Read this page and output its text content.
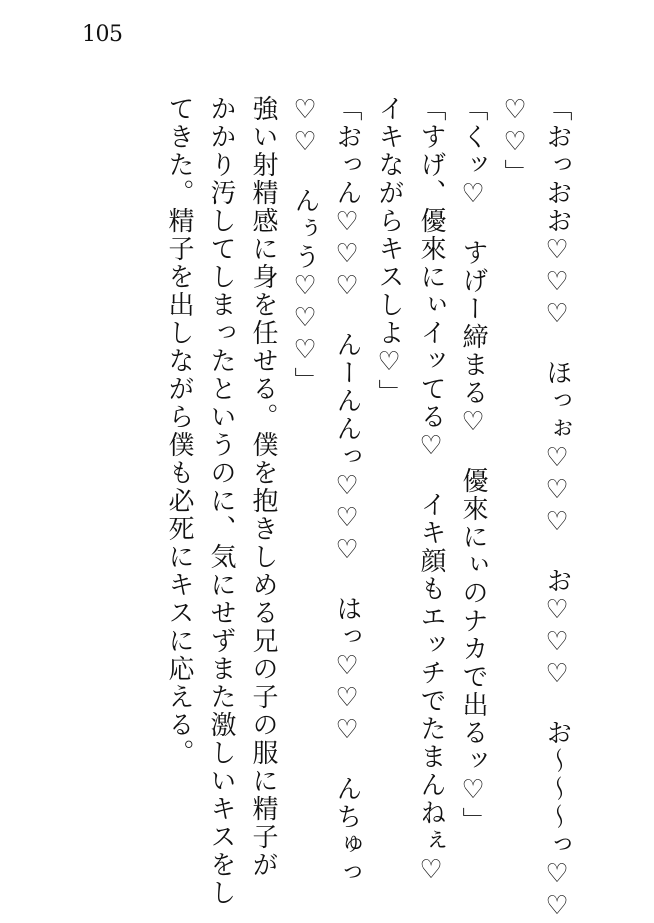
105
「おっおお♡♡♡　ほっぉ♡♡♡　お♡♡♡　お～～～っ♡♡
♡♡」
「くッ♡　すげー締まる♡　優來にぃのナカで出るッ♡」
「すげ、優來にぃイッてる♡　イキ顔もエッチでたまんねぇ♡
イキながらキスしよ♡」
「おっん♡♡♡　んーんんっ♡♡♡　はっ♡♡♡　んちゅっ
♡♡　んぅう♡♡♡」
強い射精感に身を任せる。僕を抱きしめる兄の子の服に精子が
かかり汚してしまったというのに、気にせずまた激しいキスをし
てきた。精子を出しながら僕も必死にキスに応える。
